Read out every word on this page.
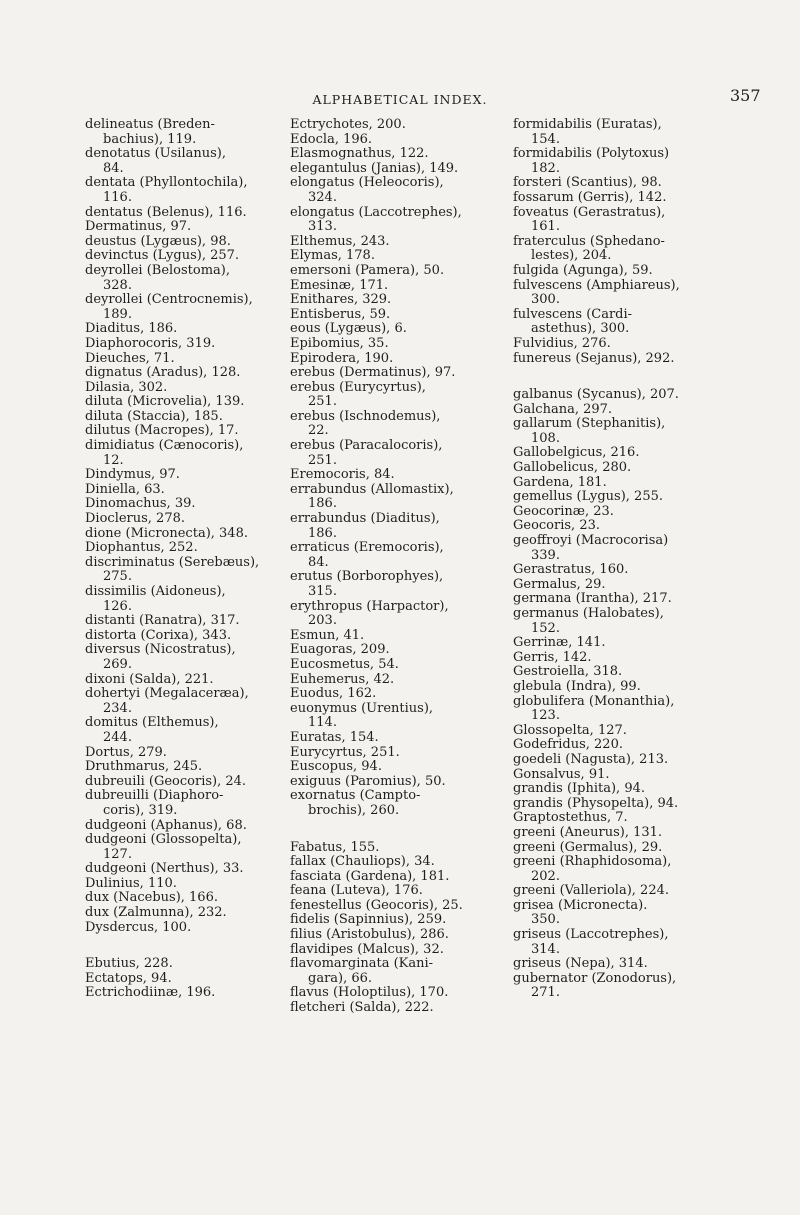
ALPHABETICAL INDEX.	357
delineatus (Breden-
bachius), 119.
denotatus (Usilanus),
84.
dentata (Phyllontochila),
116.
dentatus (Belenus), 116.
Dermatinus, 97.
deustus (Lygæus), 98.
devinctus (Lygus), 257.
deyrollei (Belostoma),
328.
deyrollei (Centrocnemis),
189.
Diaditus, 186.
Diaphorocoris, 319.
Dieuches, 71.
dignatus (Aradus), 128.
Dilasia, 302.
diluta (Microvelia), 139.
diluta (Staccia), 185.
dilutus (Macropes), 17.
dimidiatus (Cænocoris),
12.
Dindymus, 97.
Diniella, 63.
Dinomachus, 39.
Dioclerus, 278.
dione (Micronecta), 348.
Diophantus, 252.
discriminatus (Serebæus),
275.
dissimilis (Aidoneus),
126.
distanti (Ranatra), 317.
distorta (Corixa), 343.
diversus (Nicostratus),
269.
dixoni (Salda), 221.
dohertyi (Megalaceræa),
234.
domitus (Elthemus),
244.
Dortus, 279.
Druthmarus, 245.
dubreuili (Geocoris), 24.
dubreuilli (Diaphoro-
coris), 319.
dudgeoni (Aphanus), 68.
dudgeoni (Glossopelta),
127.
dudgeoni (Nerthus), 33.
Dulinius, 110.
dux (Nacebus), 166.
dux (Zalmunna), 232.
Dysdercus, 100.
Ebutius, 228.
Ectatops, 94.
Ectrichodiinæ, 196.
Ectrychotes, 200.
Edocla, 196.
Elasmognathus, 122.
elegantulus (Janias), 149.
elongatus (Heleocoris),
324.
elongatus (Laccotrephes),
313.
Elthemus, 243.
Elymas, 178.
emersoni (Pamera), 50.
Emesinæ, 171.
Enithares, 329.
Entisberus, 59.
eous (Lygæus), 6.
Epibomius, 35.
Epirodera, 190.
erebus (Dermatinus), 97.
erebus (Eurycyrtus),
251.
erebus (Ischnodemus),
22.
erebus (Paracalocoris),
251.
Eremocoris, 84.
errabundus (Allomastix),
186.
errabundus (Diaditus),
186.
erraticus (Eremocoris),
84.
erutus (Borborophyes),
315.
erythropus (Harpactor),
203.
Esmun, 41.
Euagoras, 209.
Eucosmetus, 54.
Euhemerus, 42.
Euodus, 162.
euonymus (Urentius),
114.
Euratas, 154.
Eurycyrtus, 251.
Euscopus, 94.
exiguus (Paromius), 50.
exornatus (Campto-
brochis), 260.
Fabatus, 155.
fallax (Chauliops), 34.
fasciata (Gardena), 181.
feana (Luteva), 176.
fenestellus (Geocoris), 25.
fidelis (Sapinnius), 259.
filius (Aristobulus), 286.
flavidipes (Malcus), 32.
flavomarginata (Kani-
gara), 66.
flavus (Holoptilus), 170.
fletcheri (Salda), 222.
formidabilis (Euratas),
154.
formidabilis (Polytoxus)
182.
forsteri (Scantius), 98.
fossarum (Gerris), 142.
foveatus (Gerastratus),
161.
fraterculus (Sphedano-
lestes), 204.
fulgida (Agunga), 59.
fulvescens (Amphiareus),
300.
fulvescens (Cardi-
astethus), 300.
Fulvidius, 276.
funereus (Sejanus), 292.
galbanus (Sycanus), 207.
Galchana, 297.
gallarum (Stephanitis),
108.
Gallobelgicus, 216.
Gallobelicus, 280.
Gardena, 181.
gemellus (Lygus), 255.
Geocorinæ, 23.
Geocoris, 23.
geoffroyi (Macrocorisa)
339.
Gerastratus, 160.
Germalus, 29.
germana (Irantha), 217.
germanus (Halobates),
152.
Gerrinæ, 141.
Gerris, 142.
Gestroiella, 318.
glebula (Indra), 99.
globulifera (Monanthia),
123.
Glossopelta, 127.
Godefridus, 220.
goedeli (Nagusta), 213.
Gonsalvus, 91.
grandis (Iphita), 94.
grandis (Physopelta), 94.
Graptostethus, 7.
greeni (Aneurus), 131.
greeni (Germalus), 29.
greeni (Rhaphidosoma),
202.
greeni (Valleriola), 224.
grisea (Micronecta).
350.
griseus (Laccotrephes),
314.
griseus (Nepa), 314.
gubernator (Zonodorus),
271.
